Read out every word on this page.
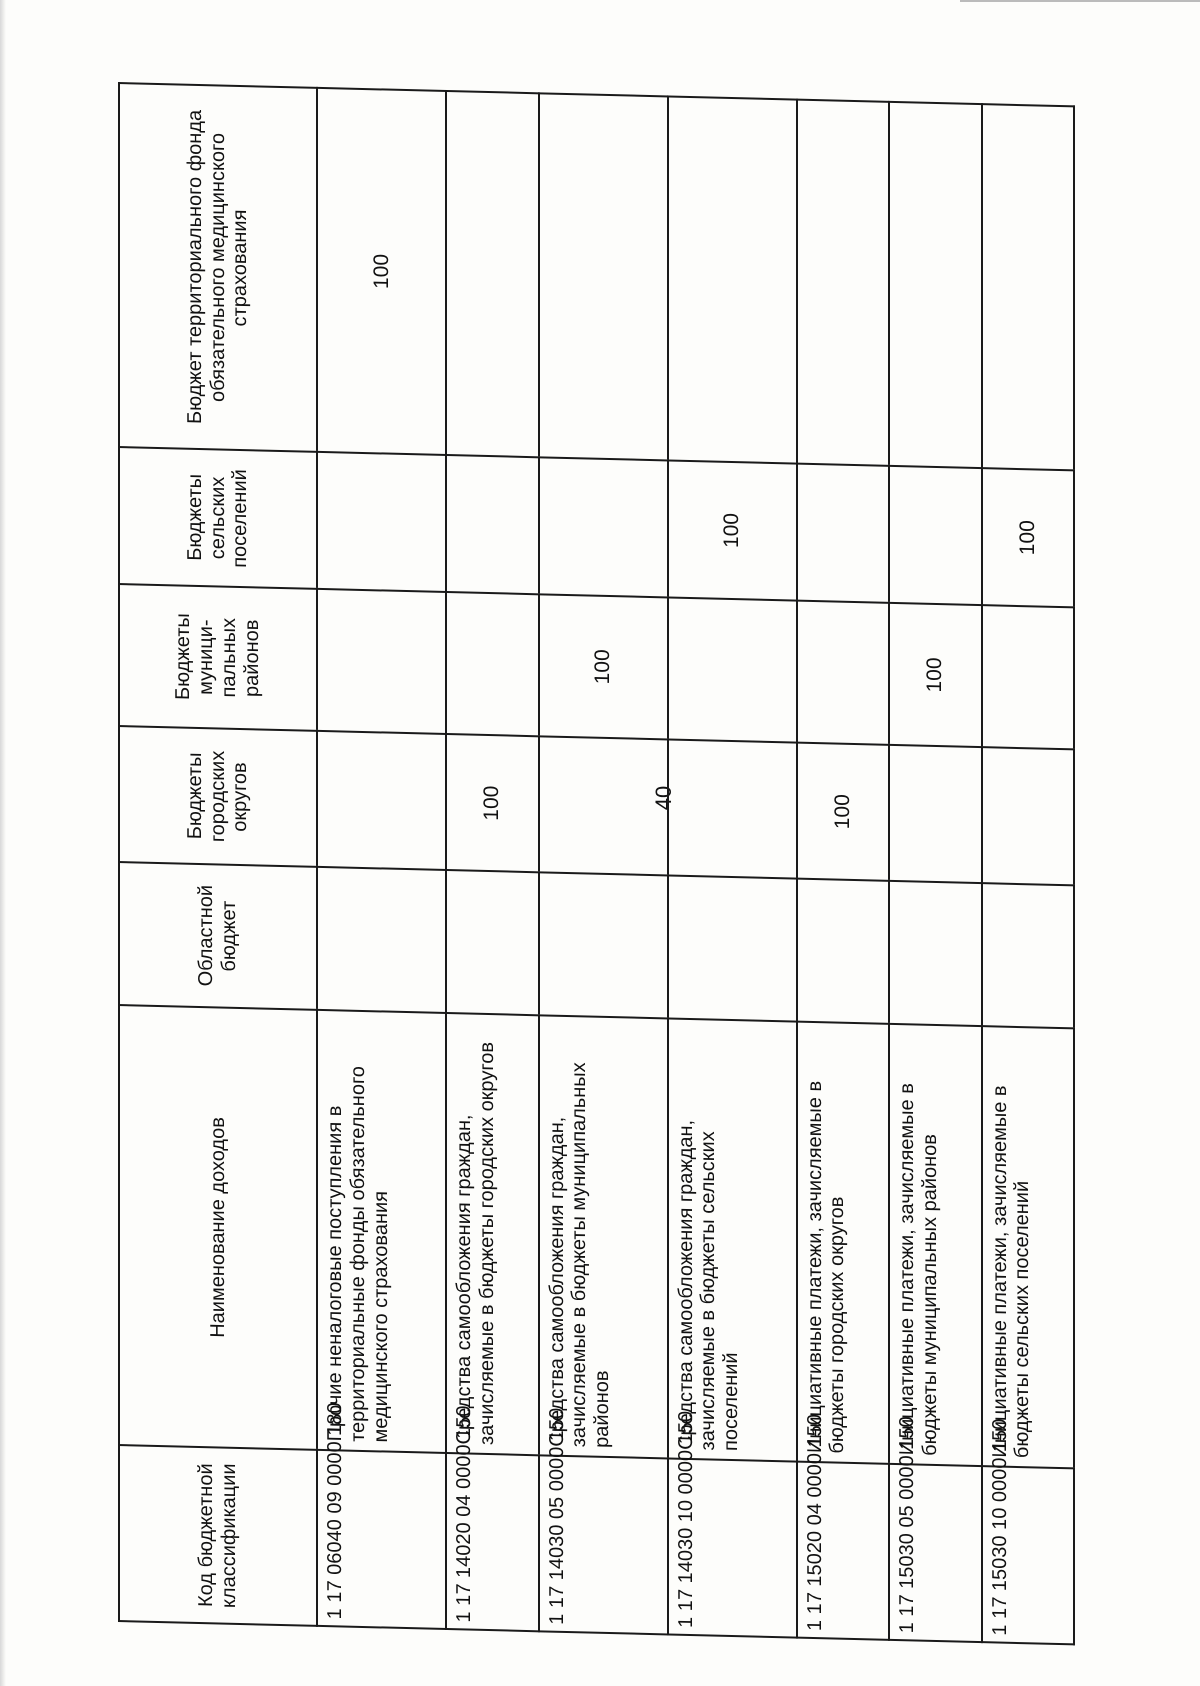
40
Код бюджетной классификации	Наименование доходов	Областной бюджет	Бюджеты городских округов	Бюджеты муници-пальных районов	Бюджеты сельских поселений	Бюджет территориального фонда обязательного медицинского страхования
1 17 06040 09 0000 180	Прочие неналоговые поступления в территориальные фонды обязательного медицинского страхования					100
1 17 14020 04 0000 150	Средства самообложения граждан, зачисляемые в бюджеты городских округов		100			
1 17 14030 05 0000 150	Средства самообложения граждан, зачисляемые в бюджеты муниципальных районов			100		
1 17 14030 10 0000 150	Средства самообложения граждан, зачисляемые в бюджеты сельских поселений				100	
1 17 15020 04 0000 150	Инициативные платежи, зачисляемые в бюджеты городских округов		100			
1 17 15030 05 0000 150	Инициативные платежи, зачисляемые в бюджеты муниципальных районов			100		
1 17 15030 10 0000 150	Инициативные платежи, зачисляемые в бюджеты сельских поселений				100	
